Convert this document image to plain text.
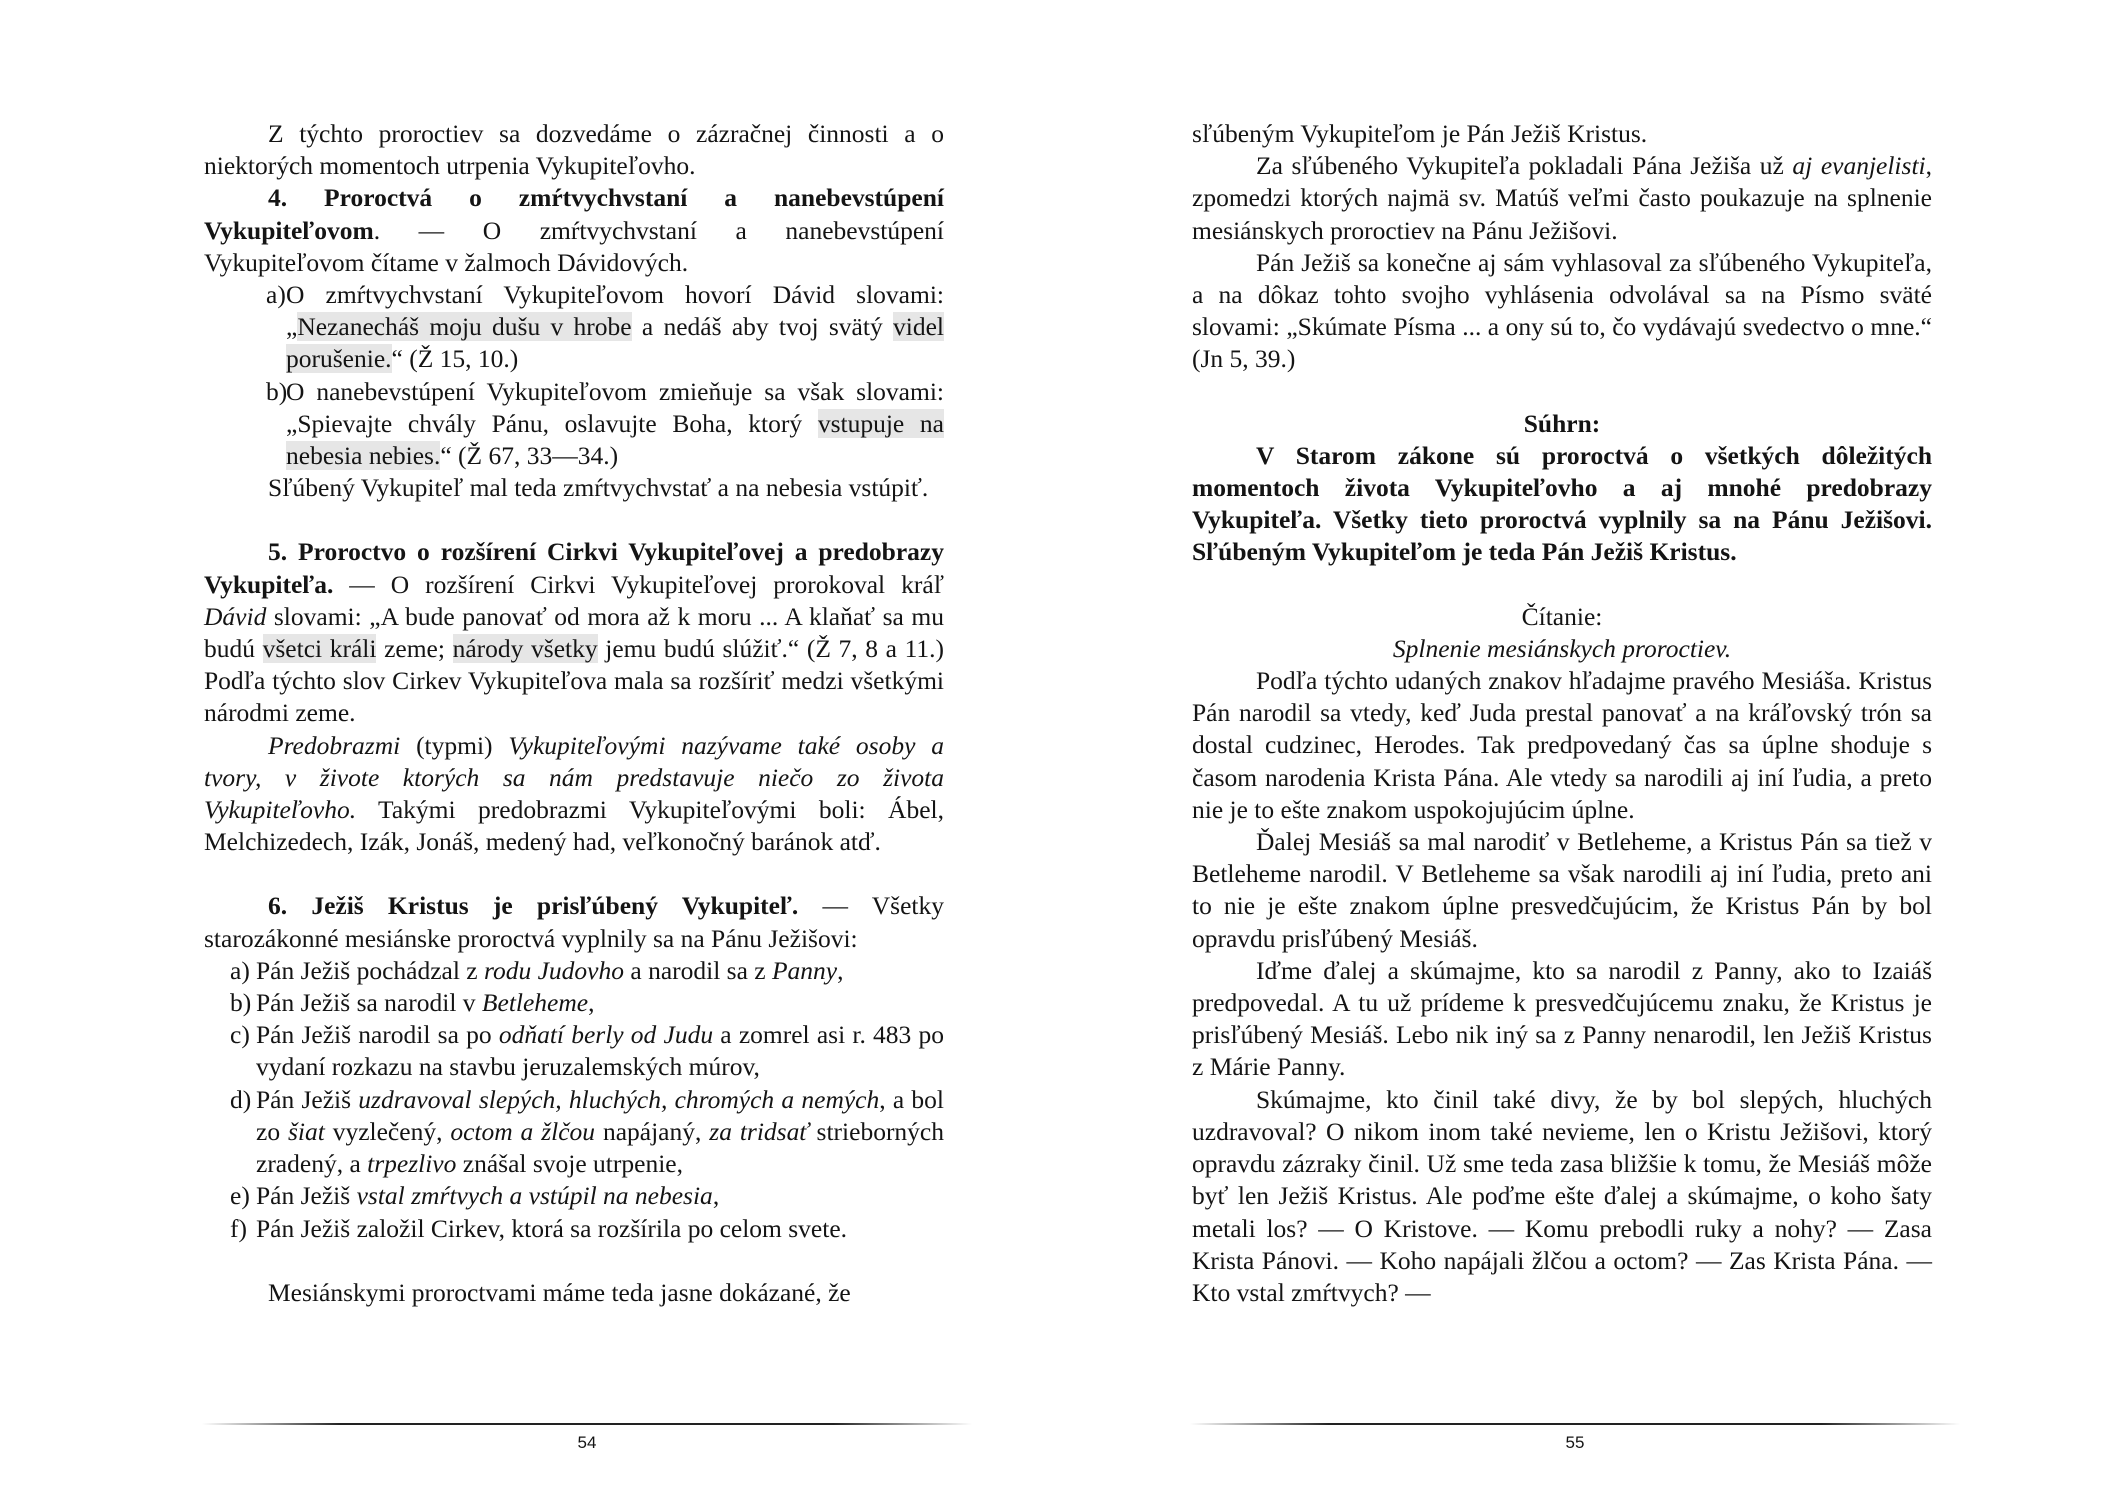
Z týchto proroctiev sa dozvedáme o zázračnej činnosti a o niektorých momentoch utrpenia Vykupiteľovho.

4. Proroctvá o zmŕtvychvstaní a nanebevstúpení Vykupiteľovom. — O zmŕtvychvstaní a nanebevstúpení Vykupiteľovom čítame v žalmoch Dávidových.

a) O zmŕtvychvstaní Vykupiteľovom hovorí Dávid slovami: „Nezanecháš moju dušu v hrobe a nedáš aby tvoj svätý videl porušenie.“ (Ž 15, 10.)
b)
O nanebevstúpení Vykupiteľovom zmieňuje sa však slovami: „Spievajte chvály Pánu, oslavujte Boha, ktorý vstupuje na nebesia nebies.“ (Ž 67, 33—34.)

Sľúbený Vykupiteľ mal teda zmŕtvychvstať a na nebesia vstúpiť.

5. Proroctvo o rozšírení Cirkvi Vykupiteľovej a predobrazy Vykupiteľa. — O rozšírení Cirkvi Vykupiteľovej prorokoval kráľ Dávid slovami: „A bude panovať od mora až k moru ... A klaňať sa mu budú všetci králi zeme; národy všetky jemu budú slúžiť.“ (Ž 7, 8 a 11.) Podľa týchto slov Cirkev Vykupiteľova mala sa rozšíriť medzi všetkými národmi zeme.

Predobrazmi (typmi) Vykupiteľovými nazývame také osoby a tvory, v živote ktorých sa nám predstavuje niečo zo života Vykupiteľovho. Takými predobrazmi Vykupiteľovými boli: Ábel, Melchizedech, Izák, Jonáš, medený had, veľkonočný baránok atď.

6. Ježiš Kristus je prisľúbený Vykupiteľ. — Všetky starozákonné mesiánske proroctvá vyplnily sa na Pánu Ježišovi:

a) Pán Ježiš pochádzal z rodu Judovho a narodil sa z Panny,
b) Pán Ježiš sa narodil v Betleheme,
c) Pán Ježiš narodil sa po odňatí berly od Judu a zomrel asi r. 483 po vydaní rozkazu na stavbu jeruzalemských múrov,
d) Pán Ježiš uzdravoval slepých, hluchých, chromých a nemých, a bol zo šiat vyzlečený, octom a žlčou napájaný, za tridsať strieborných zradený, a trpezlivo znášal svoje utrpenie,
e) Pán Ježiš vstal zmŕtvych a vstúpil na nebesia,
f) Pán Ježiš založil Cirkev, ktorá sa rozšírila po celom svete.

Mesiánskymi proroctvami máme teda jasne dokázané, že

sľúbeným Vykupiteľom je Pán Ježiš Kristus.

Za sľúbeného Vykupiteľa pokladali Pána Ježiša už aj evanjelisti, zpomedzi ktorých najmä sv. Matúš veľmi často poukazuje na splnenie mesiánskych proroctiev na Pánu Ježišovi.

Pán Ježiš sa konečne aj sám vyhlasoval za sľúbeného Vykupiteľa, a na dôkaz tohto svojho vyhlásenia odvolával sa na Písmo sväté slovami: „Skúmate Písma ... a ony sú to, čo vydávajú svedectvo o mne.“ (Jn 5, 39.)

Súhrn:

V Starom zákone sú proroctvá o všetkých dôležitých momentoch života Vykupiteľovho a aj mnohé predobrazy Vykupiteľa. Všetky tieto proroctvá vyplnily sa na Pánu Ježišovi. Sľúbeným Vykupiteľom je teda Pán Ježiš Kristus.

Čítanie:

Splnenie mesiánskych proroctiev.

Podľa týchto udaných znakov hľadajme pravého Mesiáša. Kristus Pán narodil sa vtedy, keď Juda prestal panovať a na kráľovský trón sa dostal cudzinec, Herodes. Tak predpovedaný čas sa úplne shoduje s časom narodenia Krista Pána. Ale vtedy sa narodili aj iní ľudia, a preto nie je to ešte znakom uspokojujúcim úplne.

Ďalej Mesiáš sa mal narodiť v Betleheme, a Kristus Pán sa tiež v Betleheme narodil. V Betleheme sa však narodili aj iní ľudia, preto ani to nie je ešte znakom úplne presvedčujúcim, že Kristus Pán by bol opravdu prisľúbený Mesiáš.

Iďme ďalej a skúmajme, kto sa narodil z Panny, ako to Izaiáš predpovedal. A tu už prídeme k presvedčujúcemu znaku, že Kristus je prisľúbený Mesiáš. Lebo nik iný sa z Panny nenarodil, len Ježiš Kristus z Márie Panny.

Skúmajme, kto činil také divy, že by bol slepých, hluchých uzdravoval? O nikom inom také nevieme, len o Kristu Ježišovi, ktorý opravdu zázraky činil. Už sme teda zasa bližšie k tomu, že Mesiáš môže byť len Ježiš Kristus. Ale poďme ešte ďalej a skúmajme, o koho šaty metali los? — O Kristove. — Komu prebodli ruky a nohy? — Zasa Krista Pánovi. — Koho napájali žlčou a octom? — Zas Krista Pána. — Kto vstal zmŕtvych? —

54	55
